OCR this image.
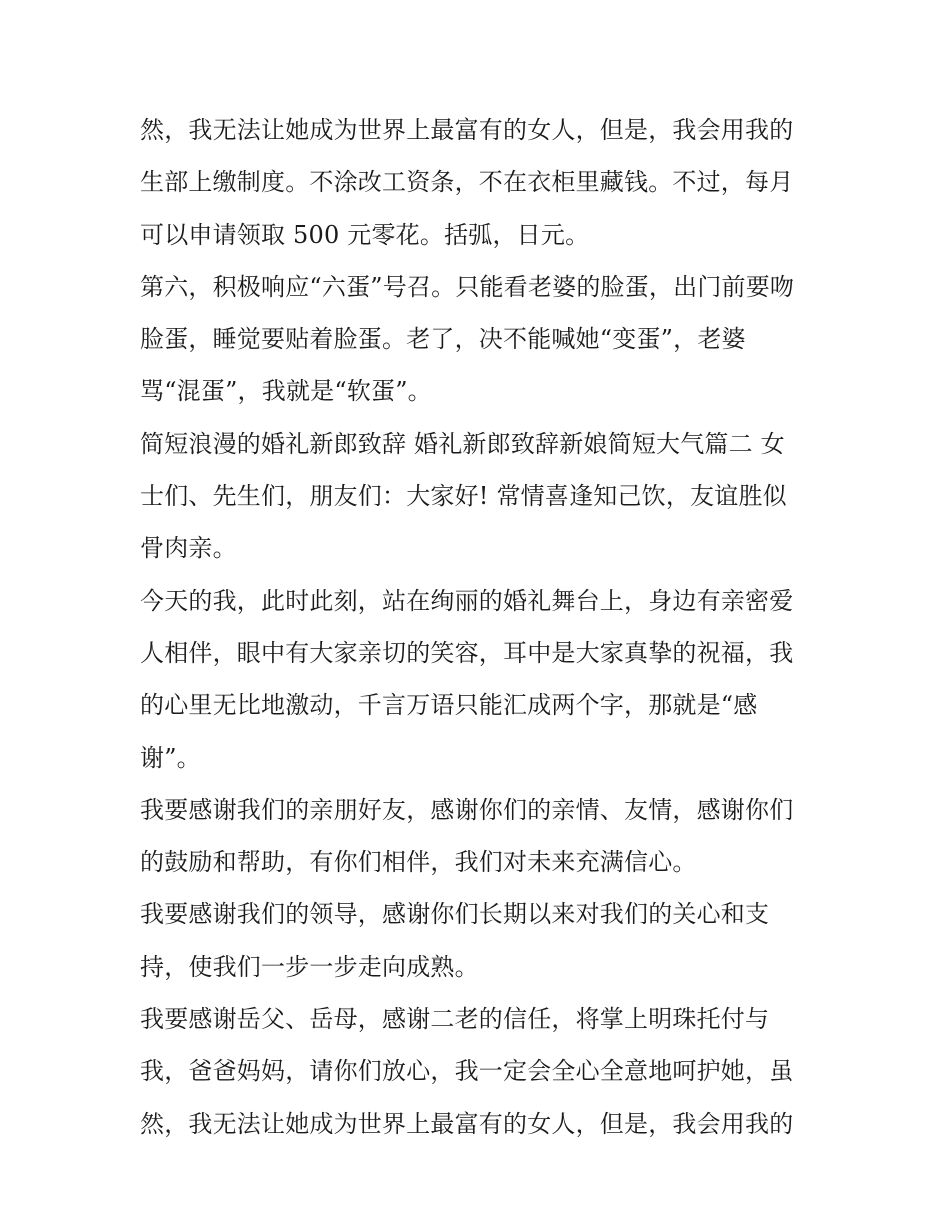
然，我无法让她成为世界上最富有的女人，但是，我会用我的
生部上缴制度。不涂改工资条，不在衣柜里藏钱。不过，每月
可以申请领取 500 元零花。括弧，日元。
第六，积极响应“六蛋”号召。只能看老婆的脸蛋，出门前要吻
脸蛋，睡觉要贴着脸蛋。老了，决不能喊她“变蛋”，老婆
骂“混蛋”，我就是“软蛋”。
简短浪漫的婚礼新郎致辞 婚礼新郎致辞新娘简短大气篇二 女
士们、先生们，朋友们：大家好! 常情喜逢知己饮，友谊胜似
骨肉亲。
今天的我，此时此刻，站在绚丽的婚礼舞台上，身边有亲密爱
人相伴，眼中有大家亲切的笑容，耳中是大家真挚的祝福，我
的心里无比地激动，千言万语只能汇成两个字，那就是“感
谢”。
我要感谢我们的亲朋好友，感谢你们的亲情、友情，感谢你们
的鼓励和帮助，有你们相伴，我们对未来充满信心。
我要感谢我们的领导，感谢你们长期以来对我们的关心和支
持，使我们一步一步走向成熟。
我要感谢岳父、岳母，感谢二老的信任，将掌上明珠托付与
我，爸爸妈妈，请你们放心，我一定会全心全意地呵护她，虽
然，我无法让她成为世界上最富有的女人，但是，我会用我的
